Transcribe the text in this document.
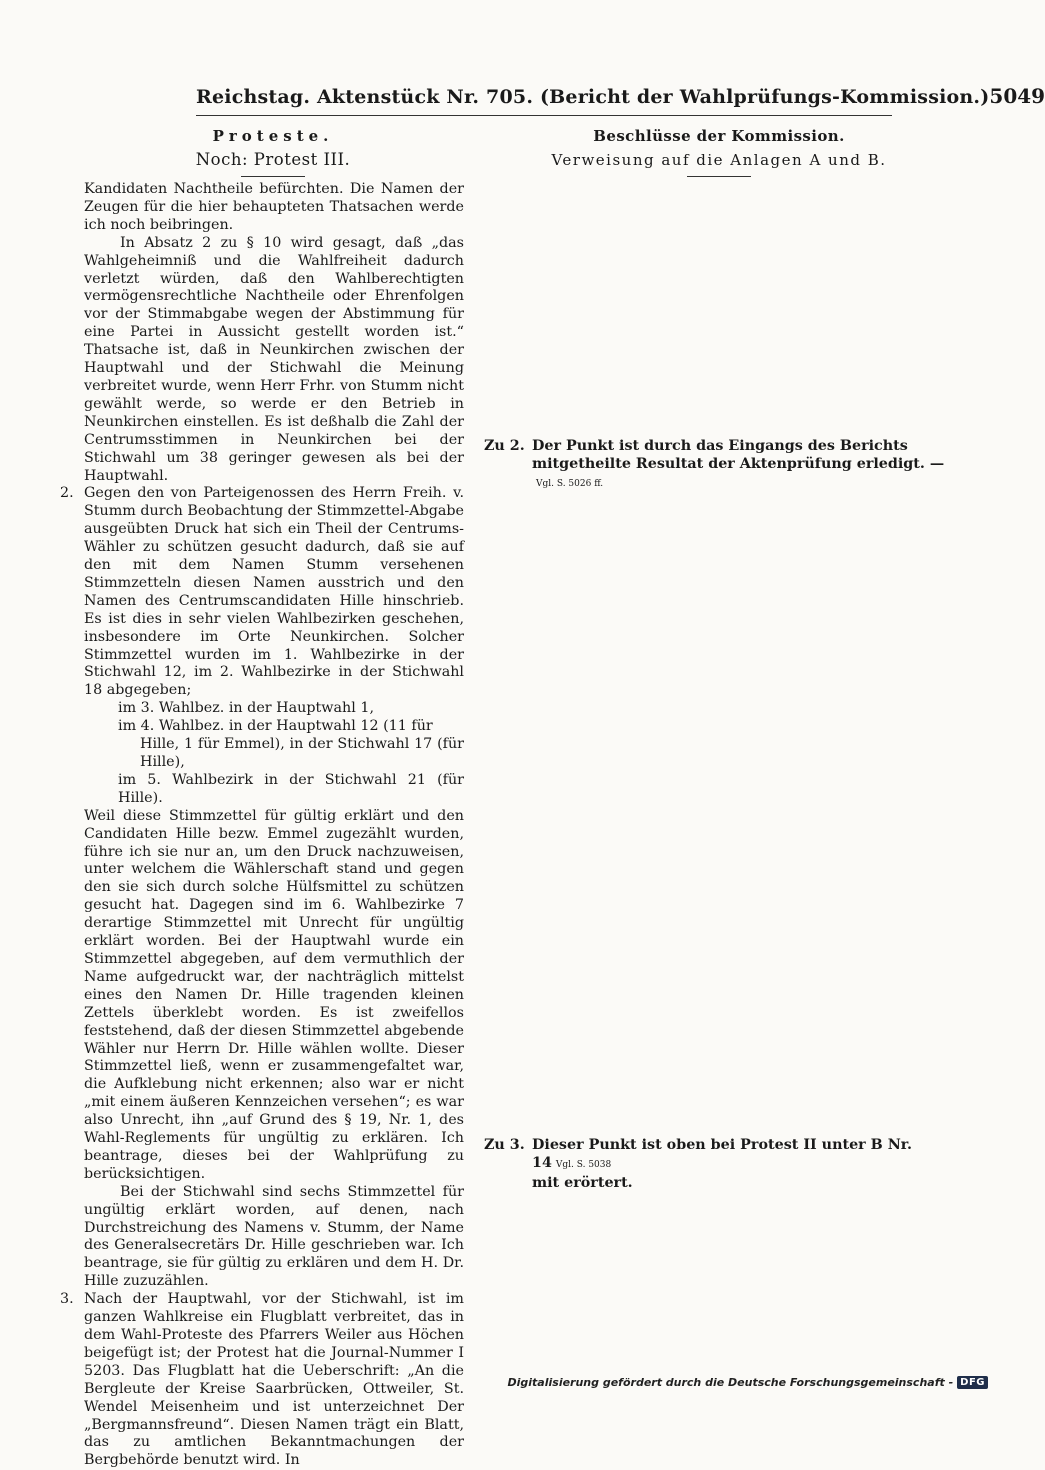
Reichstag. Aktenstück Nr. 705. (Bericht der Wahlprüfungs-Kommission.) 5049
Proteste.
Noch: Protest III.

Kandidaten Nachtheile befürchten. Die Namen der Zeugen für die hier behaupteten Thatsachen werde ich noch beibringen.

In Absatz 2 zu § 10 wird gesagt, daß „das Wahlgeheimniß und die Wahlfreiheit dadurch verletzt würden, daß den Wahlberechtigten vermögensrechtliche Nachtheile oder Ehrenfolgen vor der Stimmabgabe wegen der Abstimmung für eine Partei in Aussicht gestellt worden ist.“ Thatsache ist, daß in Neunkirchen zwischen der Hauptwahl und der Stichwahl die Meinung verbreitet wurde, wenn Herr Frhr. von Stumm nicht gewählt werde, so werde er den Betrieb in Neunkirchen einstellen. Es ist deßhalb die Zahl der Centrumsstimmen in Neunkirchen bei der Stichwahl um 38 geringer gewesen als bei der Hauptwahl.

2. Gegen den von Parteigenossen des Herrn Freih. v. Stumm durch Beobachtung der Stimmzettel-Abgabe ausgeübten Druck hat sich ein Theil der Centrums-Wähler zu schützen gesucht dadurch, daß sie auf den mit dem Namen Stumm versehenen Stimmzetteln diesen Namen ausstrich und den Namen des Centrumscandidaten Hille hinschrieb. Es ist dies in sehr vielen Wahlbezirken geschehen, insbesondere im Orte Neunkirchen. Solcher Stimmzettel wurden im 1. Wahlbezirke in der Stichwahl 12, im 2. Wahlbezirke in der Stichwahl 18 abgegeben;

im 3. Wahlbez. in der Hauptwahl 1,

im 4. Wahlbez. in der Hauptwahl 12 (11 für

Hille, 1 für Emmel), in der Stichwahl 17 (für Hille),

im 5. Wahlbezirk in der Stichwahl 21 (für Hille).

Weil diese Stimmzettel für gültig erklärt und den Candidaten Hille bezw. Emmel zugezählt wurden, führe ich sie nur an, um den Druck nachzuweisen, unter welchem die Wählerschaft stand und gegen den sie sich durch solche Hülfsmittel zu schützen gesucht hat. Dagegen sind im 6. Wahlbezirke 7 derartige Stimmzettel mit Unrecht für ungültig erklärt worden. Bei der Hauptwahl wurde ein Stimmzettel abgegeben, auf dem vermuthlich der Name aufgedruckt war, der nachträglich mittelst eines den Namen Dr. Hille tragenden kleinen Zettels überklebt worden. Es ist zweifellos feststehend, daß der diesen Stimmzettel abgebende Wähler nur Herrn Dr. Hille wählen wollte. Dieser Stimmzettel ließ, wenn er zusammengefaltet war, die Aufklebung nicht erkennen; also war er nicht „mit einem äußeren Kennzeichen versehen“; es war also Unrecht, ihn „auf Grund des § 19, Nr. 1, des Wahl-Reglements für ungültig zu erklären. Ich beantrage, dieses bei der Wahlprüfung zu berücksichtigen.

Bei der Stichwahl sind sechs Stimmzettel für ungültig erklärt worden, auf denen, nach Durchstreichung des Namens v. Stumm, der Name des Generalsecretärs Dr. Hille geschrieben war. Ich beantrage, sie für gültig zu erklären und dem H. Dr. Hille zuzuzählen.

3. Nach der Hauptwahl, vor der Stichwahl, ist im ganzen Wahlkreise ein Flugblatt verbreitet, das in dem Wahl-Proteste des Pfarrers Weiler aus Höchen beigefügt ist; der Protest hat die Journal-Nummer I 5203. Das Flugblatt hat die Ueberschrift: „An die Bergleute der Kreise Saarbrücken, Ottweiler, St. Wendel Meisenheim und ist unterzeichnet Der „Bergmannsfreund“. Diesen Namen trägt ein Blatt, das zu amtlichen Bekanntmachungen der Bergbehörde benutzt wird. In

Beschlüsse der Kommission.
Verweisung auf die Anlagen A und B.
Zu 2. Der Punkt ist durch das Eingangs des Berichts mitgetheilte Resultat der Aktenprüfung erledigt. —Vgl. S. 5026 ff.

Zu 3. Dieser Punkt ist oben bei Protest II unter B Nr. 14 Vgl. S. 5038
mit erörtert.

Digitalisierung gefördert durch die Deutsche Forschungsgemeinschaft - DFG
